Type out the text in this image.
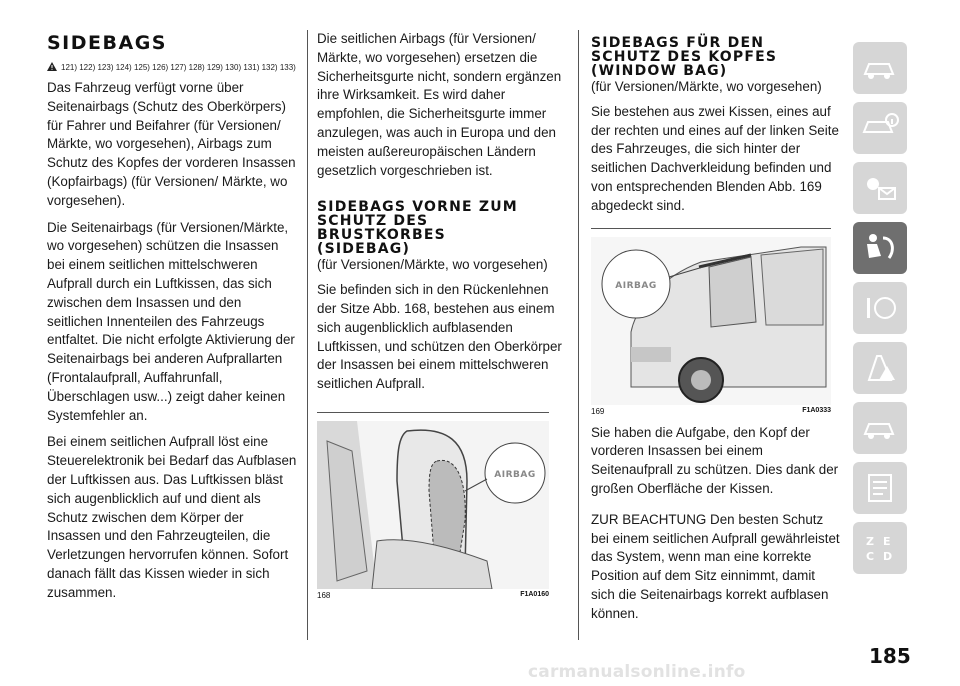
SIDEBAGS
121) 122) 123) 124) 125) 126) 127) 128) 129) 130) 131) 132) 133)

Das Fahrzeug verfügt vorne über Seitenairbags (Schutz des Oberkörpers) für Fahrer und Beifahrer (für Versionen/ Märkte, wo vorgesehen), Airbags zum Schutz des Kopfes der vorderen Insassen (Kopfairbags) (für Versionen/ Märkte, wo vorgesehen).

Die Seitenairbags (für Versionen/Märkte, wo vorgesehen) schützen die Insassen bei einem seitlichen mittelschweren Aufprall durch ein Luftkissen, das sich zwischen dem Insassen und den seitlichen Innenteilen des Fahrzeugs entfaltet. Die nicht erfolgte Aktivierung der Seitenairbags bei anderen Aufprallarten (Frontalaufprall, Auffahrunfall, Überschlagen usw...) zeigt daher keinen Systemfehler an.

Bei einem seitlichen Aufprall löst eine Steuerelektronik bei Bedarf das Aufblasen der Luftkissen aus. Das Luftkissen bläst sich augenblicklich auf und dient als Schutz zwischen dem Körper der Insassen und den Fahrzeugteilen, die Verletzungen hervorrufen können. Sofort danach fällt das Kissen wieder in sich zusammen.

Die seitlichen Airbags (für Versionen/ Märkte, wo vorgesehen) ersetzen die Sicherheitsgurte nicht, sondern ergänzen ihre Wirksamkeit. Es wird daher empfohlen, die Sicherheitsgurte immer anzulegen, was auch in Europa und den meisten außereuropäischen Ländern gesetzlich vorgeschrieben ist.

SIDEBAGS VORNE ZUM
SCHUTZ DES
BRUSTKORBES
(SIDEBAG)

(für Versionen/Märkte, wo vorgesehen)

Sie befinden sich in den Rückenlehnen der Sitze Abb. 168, bestehen aus einem sich augenblicklich aufblasenden Luftkissen, und schützen den Oberkörper der Insassen bei einem mittelschweren seitlichen Aufprall.

AIRBAG
168	F1A0160
SIDEBAGS FÜR DEN
SCHUTZ DES KOPFES
(WINDOW BAG)

(für Versionen/Märkte, wo vorgesehen)

Sie bestehen aus zwei Kissen, eines auf der rechten und eines auf der linken Seite des Fahrzeuges, die sich hinter der seitlichen Dachverkleidung befinden und von entsprechenden Blenden Abb. 169 abgedeckt sind.

AIRBAG
169	F1A0333

Sie haben die Aufgabe, den Kopf der vorderen Insassen bei einem Seitenaufprall zu schützen. Dies dank der großen Oberfläche der Kissen.

ZUR BEACHTUNG Den besten Schutz bei einem seitlichen Aufprall gewährleistet das System, wenn man eine korrekte Position auf dem Sitz einnimmt, damit sich die Seitenairbags korrekt aufblasen können.

Z E
C D
185
carmanualsonline.info
